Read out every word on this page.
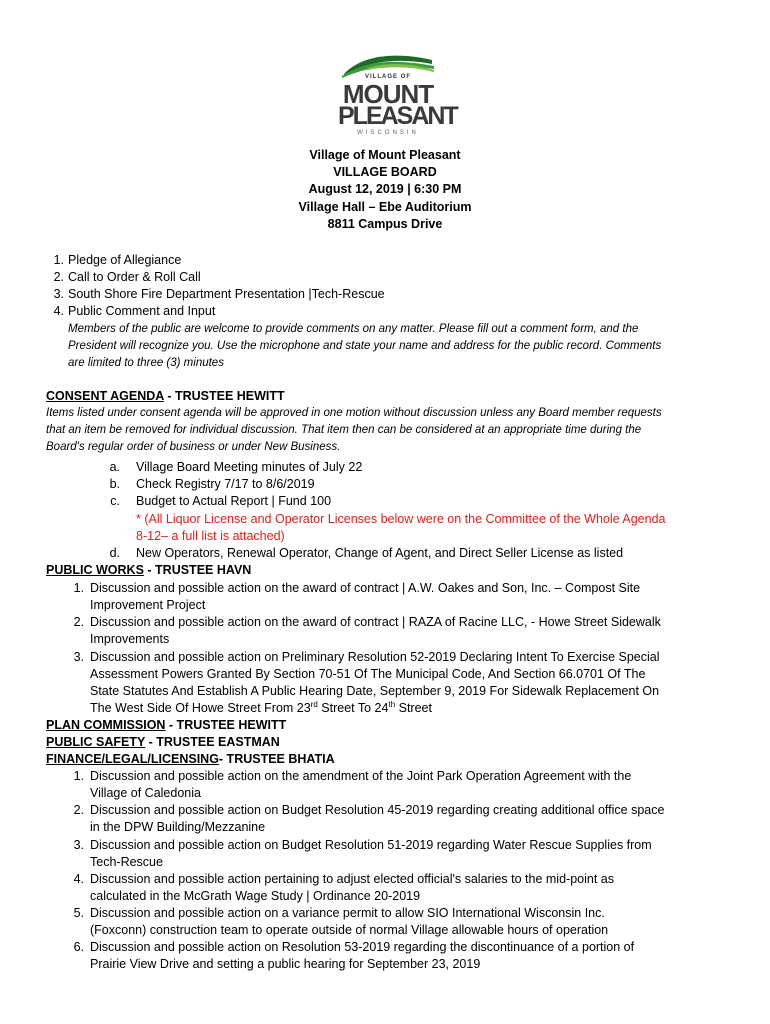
VILLAGE OF
MOUNT
PLEASANT
WISCONSIN
Village of Mount Pleasant
VILLAGE BOARD
August 12, 2019 | 6:30 PM
Village Hall – Ebe Auditorium
8811 Campus Drive
1. Pledge of Allegiance
2. Call to Order & Roll Call
3. South Shore Fire Department Presentation |Tech-Rescue
4. Public Comment and Input
Members of the public are welcome to provide comments on any matter. Please fill out a comment form, and the
President will recognize you. Use the microphone and state your name and address for the public record. Comments
are limited to three (3) minutes
CONSENT AGENDA - TRUSTEE HEWITT
Items listed under consent agenda will be approved in one motion without discussion unless any Board member requests
that an item be removed for individual discussion. That item then can be considered at an appropriate time during the
Board's regular order of business or under New Business.
a. Village Board Meeting minutes of July 22
b. Check Registry 7/17 to 8/6/2019
c. Budget to Actual Report | Fund 100
* (All Liquor License and Operator Licenses below were on the Committee of the Whole Agenda
8-12– a full list is attached)
d. New Operators, Renewal Operator, Change of Agent, and Direct Seller License as listed
PUBLIC WORKS - TRUSTEE HAVN
1. Discussion and possible action on the award of contract | A.W. Oakes and Son, Inc. – Compost Site
Improvement Project
2. Discussion and possible action on the award of contract | RAZA of Racine LLC, - Howe Street Sidewalk
Improvements
3. Discussion and possible action on Preliminary Resolution 52-2019 Declaring Intent To Exercise Special
Assessment Powers Granted By Section 70-51 Of The Municipal Code, And Section 66.0701 Of The
State Statutes And Establish A Public Hearing Date, September 9, 2019 For Sidewalk Replacement On
The West Side Of Howe Street From 23rd Street To 24th Street
PLAN COMMISSION - TRUSTEE HEWITT
PUBLIC SAFETY - TRUSTEE EASTMAN
FINANCE/LEGAL/LICENSING- TRUSTEE BHATIA
1. Discussion and possible action on the amendment of the Joint Park Operation Agreement with the
Village of Caledonia
2. Discussion and possible action on Budget Resolution 45-2019 regarding creating additional office space
in the DPW Building/Mezzanine
3. Discussion and possible action on Budget Resolution 51-2019 regarding Water Rescue Supplies from
Tech-Rescue
4. Discussion and possible action pertaining to adjust elected official's salaries to the mid-point as
calculated in the McGrath Wage Study | Ordinance 20-2019
5. Discussion and possible action on a variance permit to allow SIO International Wisconsin Inc.
(Foxconn) construction team to operate outside of normal Village allowable hours of operation
6. Discussion and possible action on Resolution 53-2019 regarding the discontinuance of a portion of
Prairie View Drive and setting a public hearing for September 23, 2019
